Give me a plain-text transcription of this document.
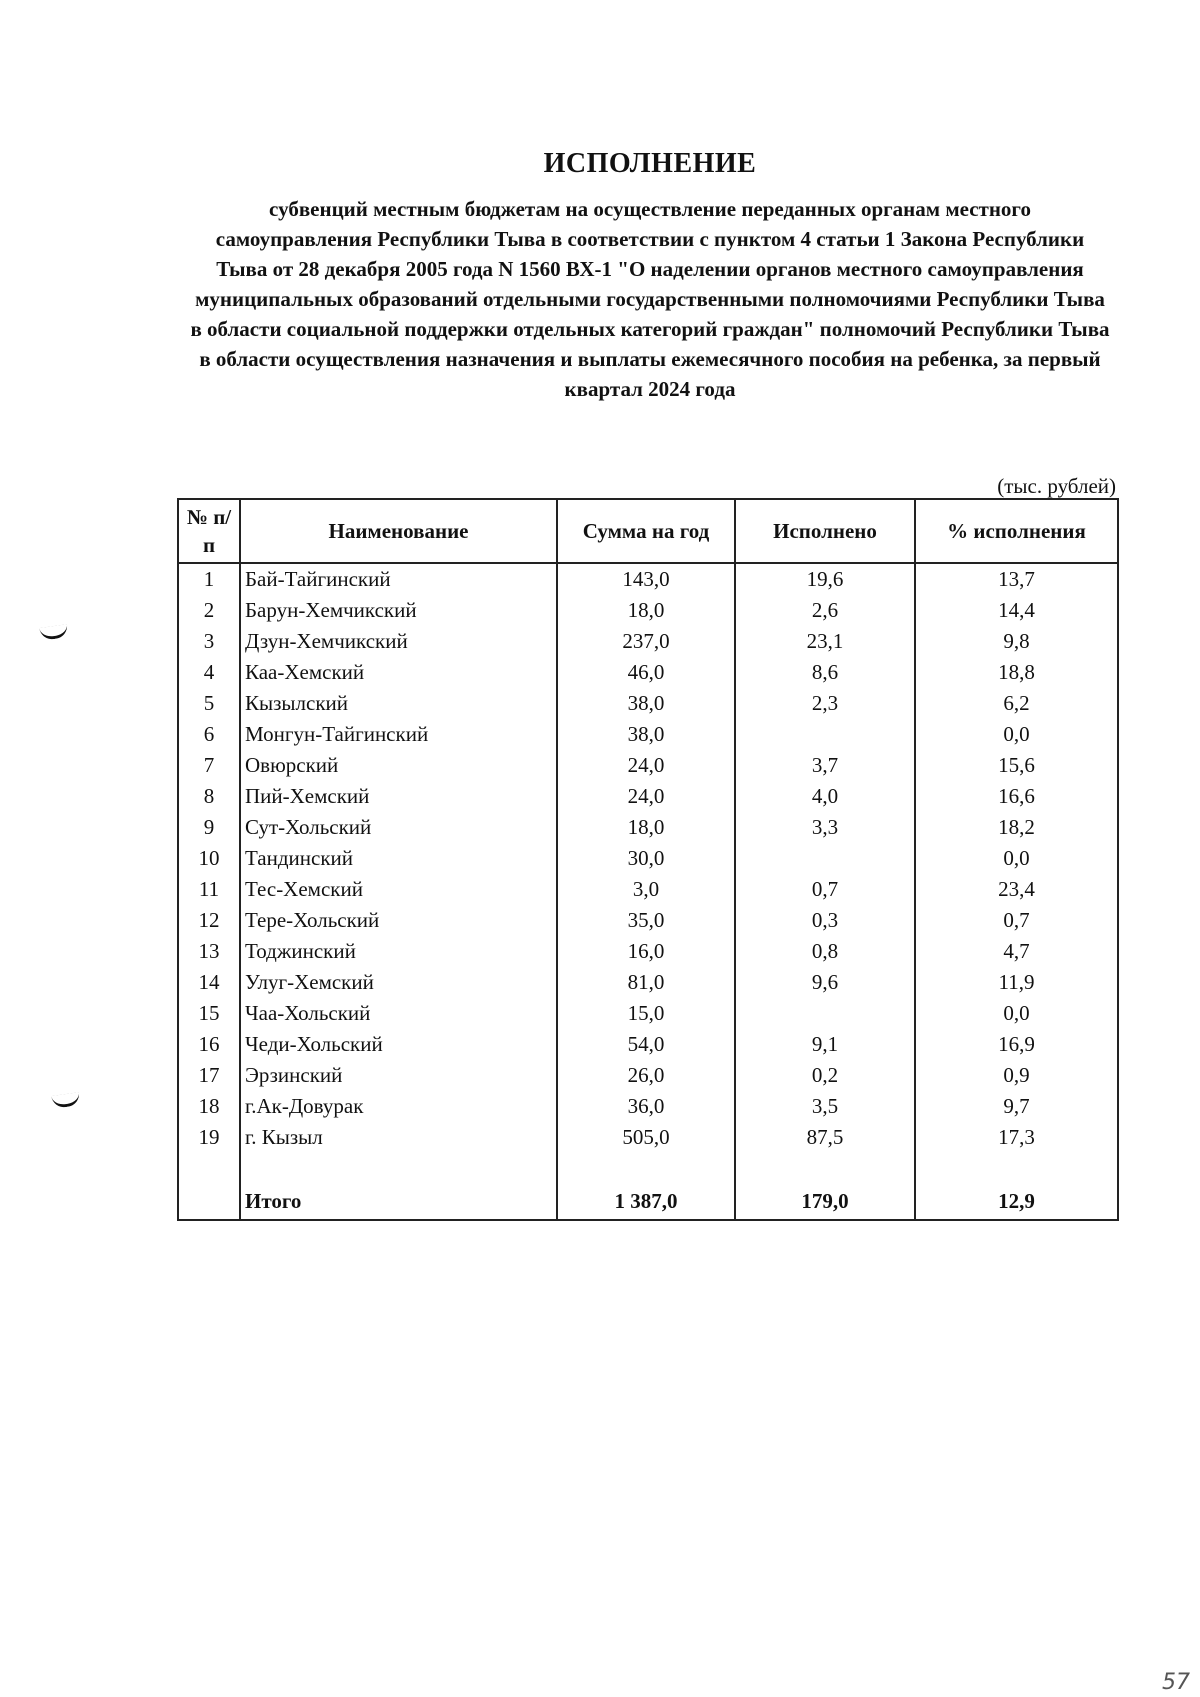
ИСПОЛНЕНИЕ

субвенций местным бюджетам на осуществление переданных органам местного самоуправления Республики Тыва в соответствии с пунктом 4 статьи 1 Закона Республики Тыва от 28 декабря 2005 года N 1560 ВХ-1 "О наделении органов местного самоуправления муниципальных образований отдельными государственными полномочиями Республики Тыва в области социальной поддержки отдельных категорий граждан" полномочий Республики Тыва в области осуществления назначения и выплаты ежемесячного пособия на ребенка, за первый квартал 2024 года

(тыс. рублей)

№ п/п	Наименование	Сумма на год	Исполнено	% исполнения
1	Бай-Тайгинский	143,0	19,6	13,7
2	Барун-Хемчикский	18,0	2,6	14,4
3	Дзун-Хемчикский	237,0	23,1	9,8
4	Каа-Хемский	46,0	8,6	18,8
5	Кызылский	38,0	2,3	6,2
6	Монгун-Тайгинский	38,0		0,0
7	Овюрский	24,0	3,7	15,6
8	Пий-Хемский	24,0	4,0	16,6
9	Сут-Хольский	18,0	3,3	18,2
10	Тандинский	30,0		0,0
11	Тес-Хемский	3,0	0,7	23,4
12	Тере-Хольский	35,0	0,3	0,7
13	Тоджинский	16,0	0,8	4,7
14	Улуг-Хемский	81,0	9,6	11,9
15	Чаа-Хольский	15,0		0,0
16	Чеди-Хольский	54,0	9,1	16,9
17	Эрзинский	26,0	0,2	0,9
18	г.Ак-Довурак	36,0	3,5	9,7
19	г. Кызыл	505,0	87,5	17,3

	Итого	1 387,0	179,0	12,9
57
